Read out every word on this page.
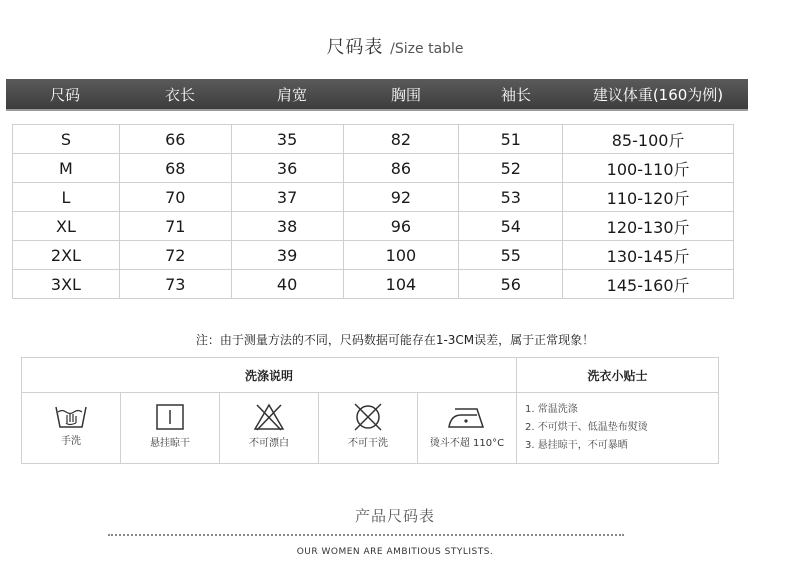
尺码表 /Size table
尺码	衣长	肩宽	胸围	袖长	建议体重(160为例)
S	66	35	82	51	85-100斤
M	68	36	86	52	100-110斤
L	70	37	92	53	110-120斤
XL	71	38	96	54	120-130斤
2XL	72	39	100	55	130-145斤
3XL	73	40	104	56	145-160斤
注：由于测量方法的不同，尺码数据可能存在1-3CM误差，属于正常现象！
洗涤说明	洗衣小贴士
手洗	悬挂晾干	不可漂白	不可干洗	烫斗不超 110°C
1. 常温洗涤
2. 不可烘干、低温垫布熨烫
3. 悬挂晾干，不可暴晒
产品尺码表
OUR WOMEN ARE AMBITIOUS STYLISTS.
